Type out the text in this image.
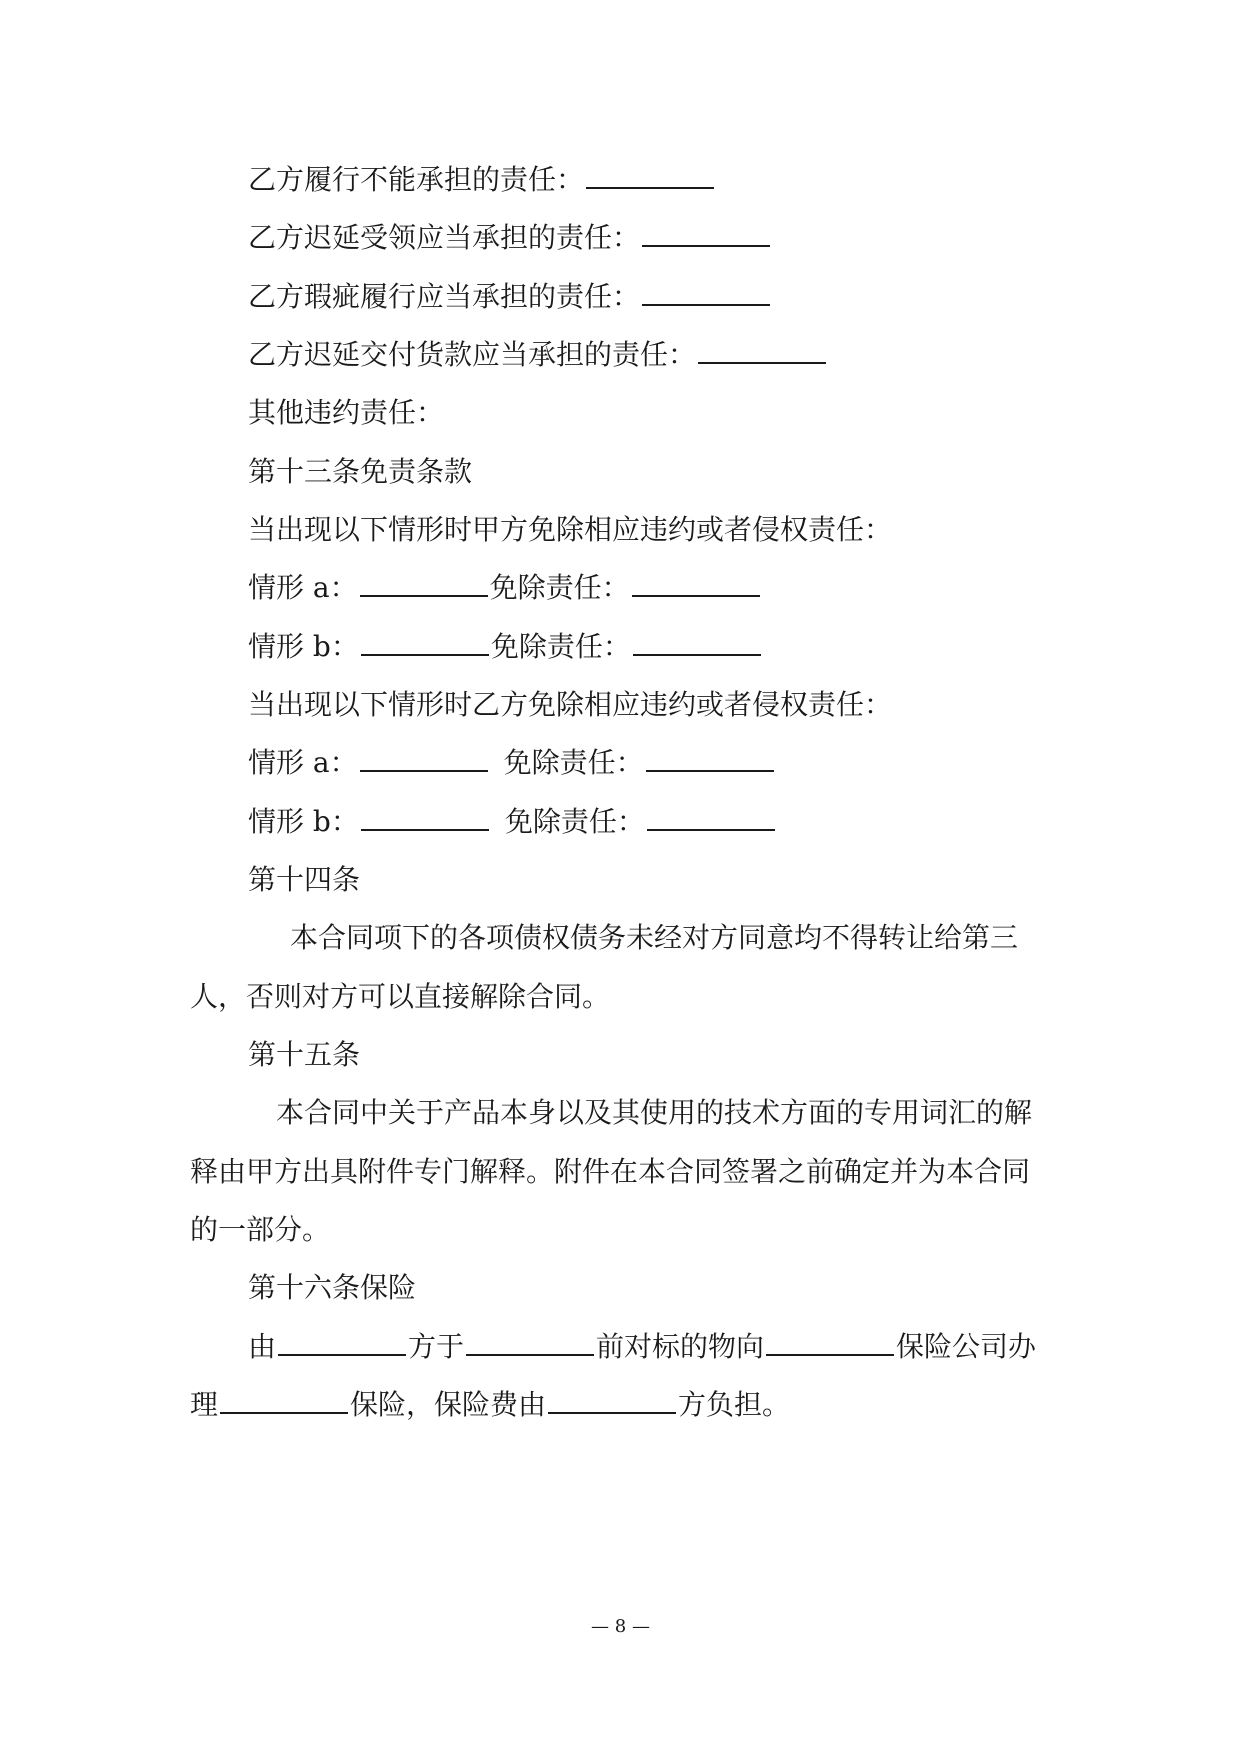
乙方履行不能承担的责任：
乙方迟延受领应当承担的责任：
乙方瑕疵履行应当承担的责任：
乙方迟延交付货款应当承担的责任：
其他违约责任：
第十三条免责条款
当出现以下情形时甲方免除相应违约或者侵权责任：
情形 a：	免除责任：
情形 b：	免除责任：
当出现以下情形时乙方免除相应违约或者侵权责任：
情形 a：	免除责任：
情形 b：	免除责任：
第十四条
本合同项下的各项债权债务未经对方同意均不得转让给第三
人，否则对方可以直接解除合同。
第十五条
本合同中关于产品本身以及其使用的技术方面的专用词汇的解
释由甲方出具附件专门解释。附件在本合同签署之前确定并为本合同
的一部分。
第十六条保险
由	方于	前对标的物向	保险公司办
理	保险，保险费由	方负担。
— 8 —
